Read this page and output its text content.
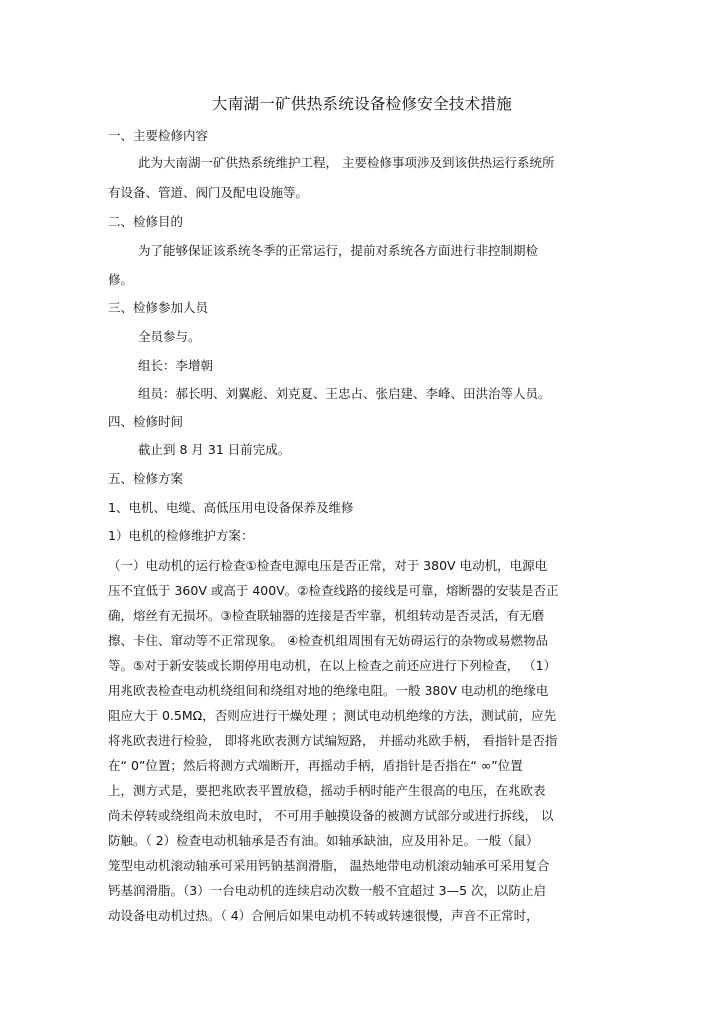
大南湖一矿供热系统设备检修安全技术措施
一、主要检修内容
此为大南湖一矿供热系统维护工程， 主要检修事项涉及到该供热运行系统所
有设备、管道、阀门及配电设施等。
二、检修目的
为了能够保证该系统冬季的正常运行，提前对系统各方面进行非控制期检
修。
三、检修参加人员
全员参与。
组长：李增朝
组员：郝长明、刘翼彪、刘克夏、王忠占、张启建、李峰、田洪治等人员。
四、检修时间
截止到 8 月 31 日前完成。
五、检修方案
1、电机、电缆、高低压用电设备保养及维修
1）电机的检修维护方案：
（一）电动机的运行检查①检查电源电压是否正常，对于 380V 电动机，电源电
压不宜低于 360V 或高于 400V。②检查线路的接线是可靠，熔断器的安装是否正
确，熔丝有无损坏。③检查联轴器的连接是否牢靠，机组转动是否灵活，有无磨
擦、卡住、窜动等不正常现象。 ④检查机组周围有无妨碍运行的杂物或易燃物品
等。⑤对于新安装或长期停用电动机，在以上检查之前还应进行下列检查， （1）
用兆欧表检查电动机绕组间和绕组对地的绝缘电阻。一般 380V 电动机的绝缘电
阻应大于 0.5MΩ，否则应进行干燥处理 ；测试电动机绝缘的方法，测试前，应先
将兆欧表进行检验， 即将兆欧表测方试编短路， 并摇动兆欧手柄， 看指针是否指
在“ 0”位置；然后将测方式端断开，再摇动手柄，盾指针是否指在“ ∞”位置
上，测方式是，要把兆欧表平置放稳，摇动手柄时能产生很高的电压，在兆欧表
尚未停转或绕组尚未放电时， 不可用手触摸设备的被测方试部分或进行拆线， 以
防触。（ 2）检查电动机轴承是否有油。如轴承缺油，应及用补足。一般（鼠）
笼型电动机滚动轴承可采用钙钠基润滑脂， 温热地带电动机滚动轴承可采用复合
钙基润滑脂。（3）一台电动机的连续启动次数一般不宜超过 3—5 次，以防止启
动设备电动机过热。（ 4）合闸后如果电动机不转或转速很慢，声音不正常时，
